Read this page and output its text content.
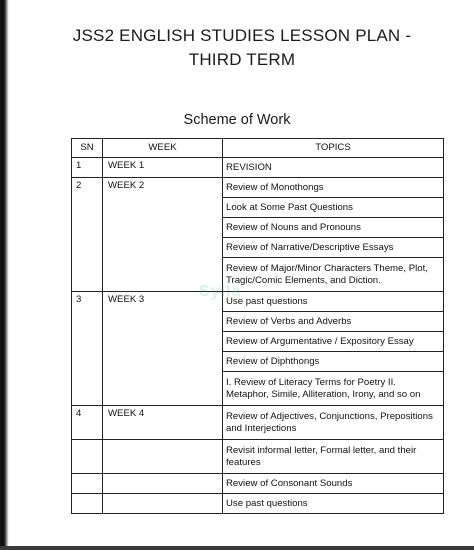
JSS2 ENGLISH STUDIES LESSON PLAN -
THIRD TERM
Scheme of Work
SN	WEEK	TOPICS
1	WEEK 1	REVISION
2	WEEK 2	Review of Monothongs
		Look at Some Past Questions
		Review of Nouns and Pronouns
		Review of Narrative/Descriptive Essays
		Review of Major/Minor Characters Theme, Plot, Tragic/Comic Elements, and Diction.
3	WEEK 3	Use past questions
		Review of Verbs and Adverbs
		Review of Argumentative / Expository Essay
		Review of Diphthongs
		I. Review of Literacy Terms for Poetry II. Metaphor, Simile, Alliteration, Irony, and so on
4	WEEK 4	Review of Adjectives, Conjunctions, Prepositions and Interjections
		Revisit informal letter, Formal letter, and their features
		Review of Consonant Sounds
		Use past questions
Sylla
